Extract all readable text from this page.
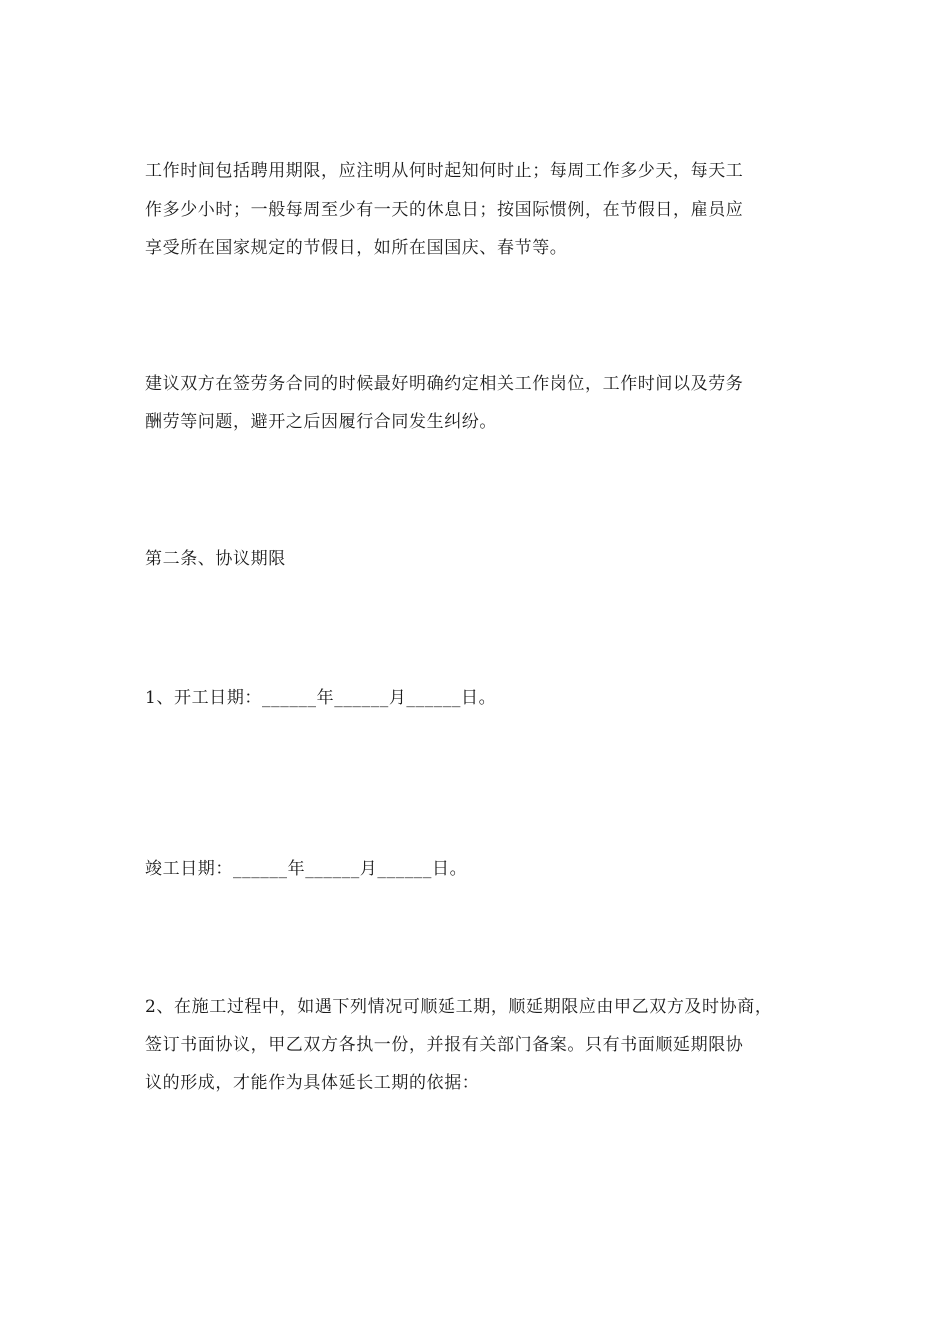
工作时间包括聘用期限，应注明从何时起知何时止；每周工作多少天，每天工
作多少小时；一般每周至少有一天的休息日；按国际惯例，在节假日，雇员应
享受所在国家规定的节假日，如所在国国庆、春节等。
建议双方在签劳务合同的时候最好明确约定相关工作岗位，工作时间以及劳务
酬劳等问题，避开之后因履行合同发生纠纷。
第二条、协议期限
1、开工日期：______年______月______日。
竣工日期：______年______月______日。
2、在施工过程中，如遇下列情况可顺延工期，顺延期限应由甲乙双方及时协商，
签订书面协议，甲乙双方各执一份，并报有关部门备案。只有书面顺延期限协
议的形成，才能作为具体延长工期的依据：
